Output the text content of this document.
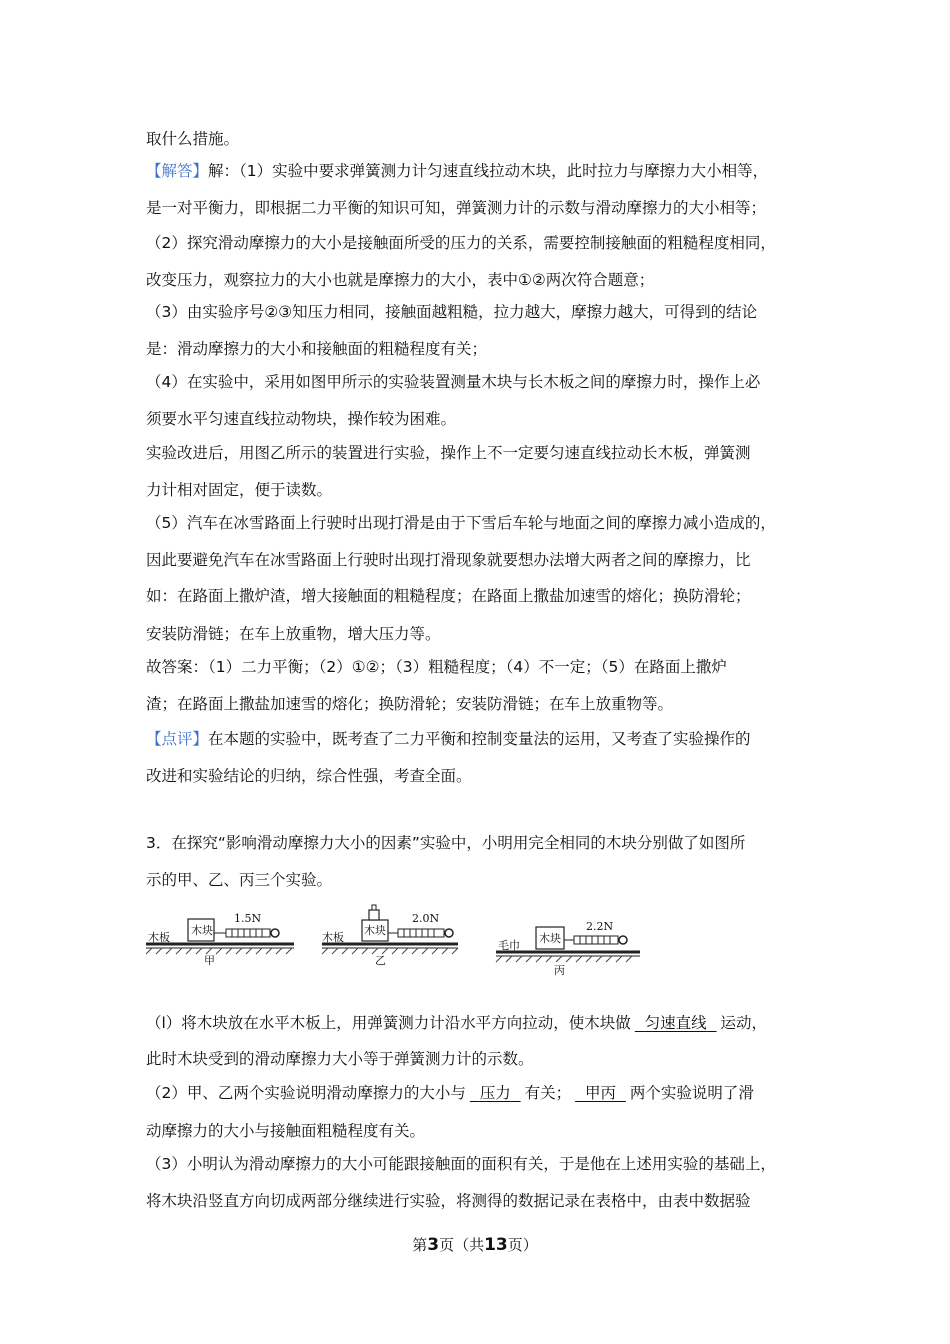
取什么措施。
【解答】解：（1）实验中要求弹簧测力计匀速直线拉动木块，此时拉力与摩擦力大小相等，
是一对平衡力，即根据二力平衡的知识可知，弹簧测力计的示数与滑动摩擦力的大小相等；
（2）探究滑动摩擦力的大小是接触面所受的压力的关系，需要控制接触面的粗糙程度相同，
改变压力，观察拉力的大小也就是摩擦力的大小，表中①②两次符合题意；
（3）由实验序号②③知压力相同，接触面越粗糙，拉力越大，摩擦力越大，可得到的结论
是：滑动摩擦力的大小和接触面的粗糙程度有关；
（4）在实验中，采用如图甲所示的实验装置测量木块与长木板之间的摩擦力时，操作上必
须要水平匀速直线拉动物块，操作较为困难。
实验改进后，用图乙所示的装置进行实验，操作上不一定要匀速直线拉动长木板，弹簧测
力计相对固定，便于读数。
（5）汽车在冰雪路面上行驶时出现打滑是由于下雪后车轮与地面之间的摩擦力减小造成的，
因此要避免汽车在冰雪路面上行驶时出现打滑现象就要想办法增大两者之间的摩擦力，比
如：在路面上撒炉渣，增大接触面的粗糙程度；在路面上撒盐加速雪的熔化；换防滑轮；
安装防滑链；在车上放重物，增大压力等。
故答案：（1）二力平衡；（2）①②；（3）粗糙程度；（4）不一定；（5）在路面上撒炉
渣；在路面上撒盐加速雪的熔化；换防滑轮；安装防滑链；在车上放重物等。
【点评】在本题的实验中，既考查了二力平衡和控制变量法的运用，又考查了实验操作的
改进和实验结论的归纳，综合性强，考查全面。
3．在探究“影响滑动摩擦力大小的因素”实验中，小明用完全相同的木块分别做了如图所
示的甲、乙、丙三个实验。
木块
1.5N
木板
甲
木块
2.0N
木板
乙
木块
2.2N
毛巾
丙
（l）将木块放在水平木板上，用弹簧测力计沿水平方向拉动，使木块做 匀速直线 运动，
此时木块受到的滑动摩擦力大小等于弹簧测力计的示数。
（2）甲、乙两个实验说明滑动摩擦力的大小与 压力 有关； 甲丙 两个实验说明了滑
动摩擦力的大小与接触面粗糙程度有关。
（3）小明认为滑动摩擦力的大小可能跟接触面的面积有关，于是他在上述用实验的基础上，
将木块沿竖直方向切成两部分继续进行实验，将测得的数据记录在表格中，由表中数据验
第3页（共13页）
